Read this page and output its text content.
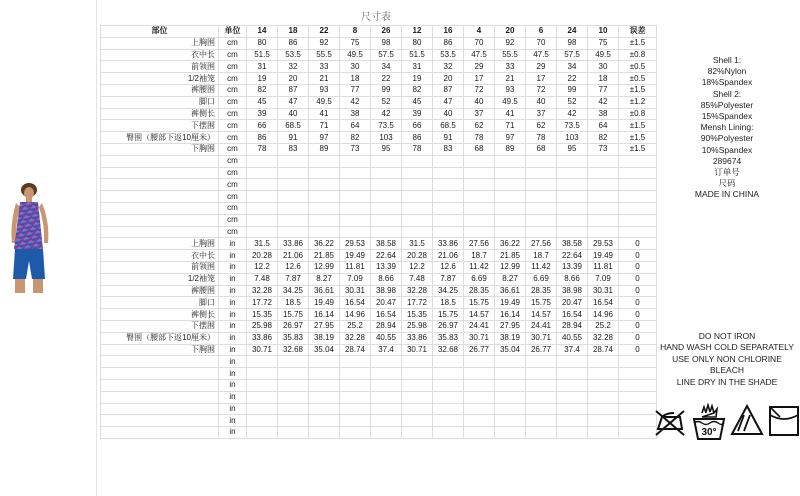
尺寸表
部位	单位	14	18	22	8	26	12	16	4	20	6	24	10	误差
上胸围	cm	80	86	92	75	98	80	86	70	92	70	98	75	±1.5
衣中长	cm	51.5	53.5	55.5	49.5	57.5	51.5	53.5	47.5	55.5	47.5	57.5	49.5	±0.8
前领围	cm	31	32	33	30	34	31	32	29	33	29	34	30	±0.5
1/2袖笼	cm	19	20	21	18	22	19	20	17	21	17	22	18	±0.5
裤腰围	cm	82	87	93	77	99	82	87	72	93	72	99	77	±1.5
脚口	cm	45	47	49.5	42	52	45	47	40	49.5	40	52	42	±1.2
裤侧长	cm	39	40	41	38	42	39	40	37	41	37	42	38	±0.8
下摆围	cm	66	68.5	71	64	73.5	66	68.5	62	71	62	73.5	64	±1.5
臀围（腰部下返10厘米）	cm	86	91	97	82	103	86	91	78	97	78	103	82	±1.5
下胸围	cm	78	83	89	73	95	78	83	68	89	68	95	73	±1.5
	cm													
	cm													
	cm													
	cm													
	cm													
	cm													
	cm													
上胸围	in	31.5	33.86	36.22	29.53	38.58	31.5	33.86	27.56	36.22	27.56	38.58	29.53	0
衣中长	in	20.28	21.06	21.85	19.49	22.64	20.28	21.06	18.7	21.85	18.7	22.64	19.49	0
前领围	in	12.2	12.6	12.99	11.81	13.39	12.2	12.6	11.42	12.99	11.42	13.39	11.81	0
1/2袖笼	in	7.48	7.87	8.27	7.09	8.66	7.48	7.87	6.69	8.27	6.69	8.66	7.09	0
裤腰围	in	32.28	34.25	36.61	30.31	38.98	32.28	34.25	28.35	36.61	28.35	38.98	30.31	0
脚口	in	17.72	18.5	19.49	16.54	20.47	17.72	18.5	15.75	19.49	15.75	20.47	16.54	0
裤侧长	in	15.35	15.75	16.14	14.96	16.54	15.35	15.75	14.57	16.14	14.57	16.54	14.96	0
下摆围	in	25.98	26.97	27.95	25.2	28.94	25.98	26.97	24.41	27.95	24.41	28.94	25.2	0
臀围（腰部下返10厘米）	in	33.86	35.83	38.19	32.28	40.55	33.86	35.83	30.71	38.19	30.71	40.55	32.28	0
下胸围	in	30.71	32.68	35.04	28.74	37.4	30.71	32.68	26.77	35.04	26.77	37.4	28.74	0
	in													
	in													
	in													
	in													
	in													
	in													
	in													
Shell 1:
82%Nylon
18%Spandex
Shell 2:
85%Polyester
15%Spandex
Mensh Lining:
90%Polyester
10%Spandex
289674
订单号
尺码
MADE IN CHINA
DO NOT IRON
HAND WASH COLD SEPARATELY
USE ONLY NON CHLORINE
BLEACH
LINE DRY IN THE SHADE
30°
